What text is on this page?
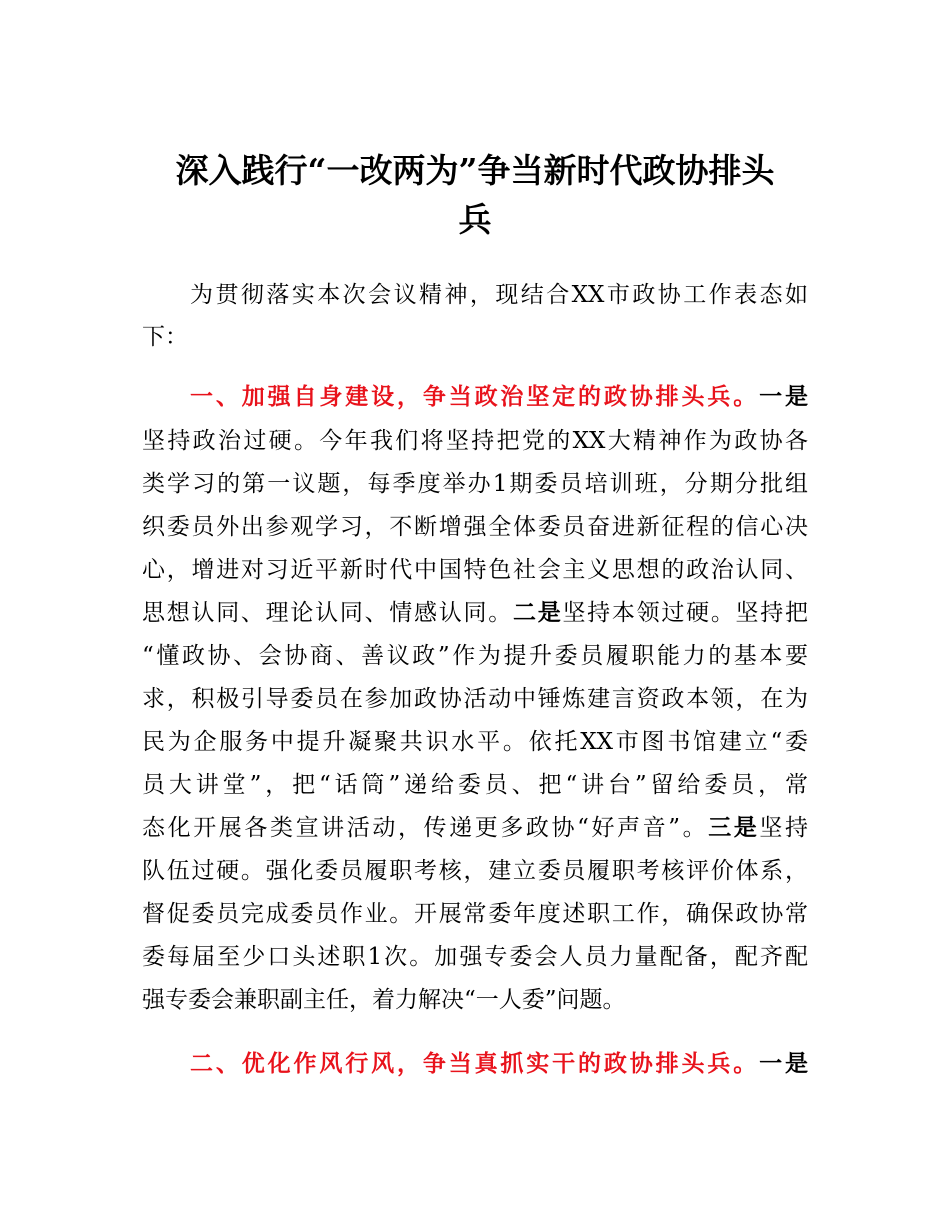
深入践行“一改两为”争当新时代政协排头
兵

为贯彻落实本次会议精神，现结合XX市政协工作表态如

下：

一、加强自身建设，争当政治坚定的政协排头兵。一是

坚持政治过硬。今年我们将坚持把党的XX大精神作为政协各

类学习的第一议题，每季度举办1期委员培训班，分期分批组

织委员外出参观学习，不断增强全体委员奋进新征程的信心决

心，增进对习近平新时代中国特色社会主义思想的政治认同、

思想认同、理论认同、情感认同。二是坚持本领过硬。坚持把

“懂政协、会协商、善议政”作为提升委员履职能力的基本要

求，积极引导委员在参加政协活动中锤炼建言资政本领，在为

民为企服务中提升凝聚共识水平。依托XX市图书馆建立“委

员大讲堂”，把“话筒”递给委员、把“讲台”留给委员，常

态化开展各类宣讲活动，传递更多政协“好声音”。三是坚持

队伍过硬。强化委员履职考核，建立委员履职考核评价体系，

督促委员完成委员作业。开展常委年度述职工作，确保政协常

委每届至少口头述职1次。加强专委会人员力量配备，配齐配

强专委会兼职副主任，着力解决“一人委”问题。

二、优化作风行风，争当真抓实干的政协排头兵。一是
